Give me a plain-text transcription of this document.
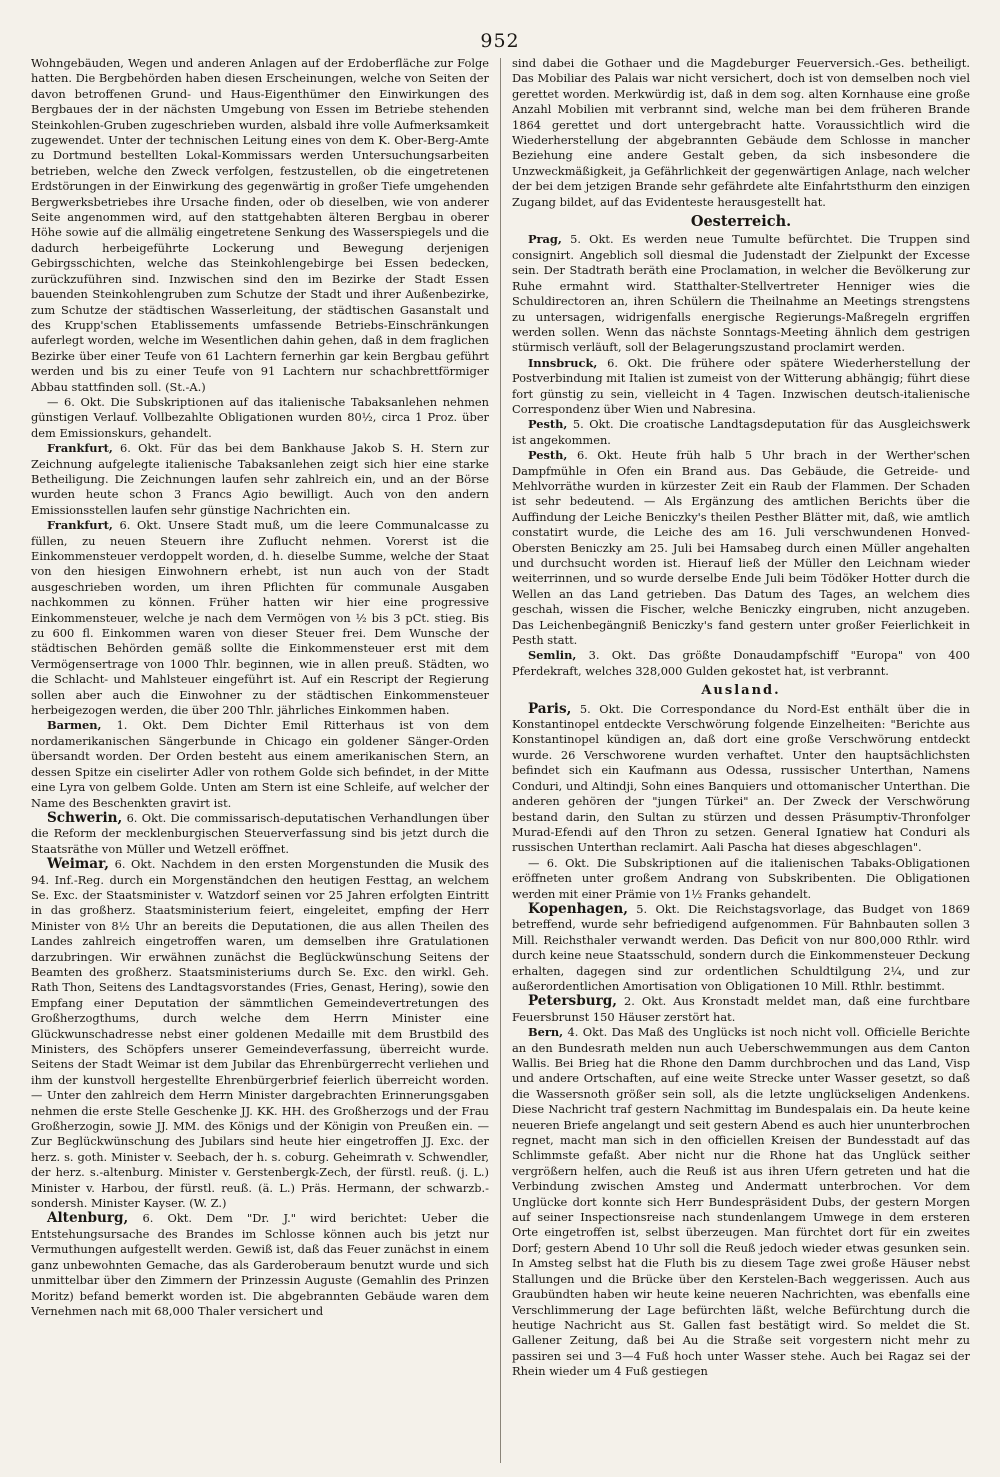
952

Wohngebäuden, Wegen und anderen Anlagen auf der Erdoberfläche zur Folge hatten. Die Bergbehörden haben diesen Erscheinungen, welche von Seiten der davon betroffenen Grund- und Haus-Eigenthümer den Einwirkungen des Bergbaues der in der nächsten Umgebung von Essen im Betriebe stehenden Steinkohlen-Gruben zugeschrieben wurden, alsbald ihre volle Aufmerksamkeit zugewendet. Unter der technischen Leitung eines von dem K. Ober-Berg-Amte zu Dortmund bestellten Lokal-Kommissars werden Untersuchungsarbeiten betrieben, welche den Zweck verfolgen, festzustellen, ob die eingetretenen Erdstörungen in der Einwirkung des gegenwärtig in großer Tiefe umgehenden Bergwerksbetriebes ihre Ursache finden, oder ob dieselben, wie von anderer Seite angenommen wird, auf den stattgehabten älteren Bergbau in oberer Höhe sowie auf die allmälig eingetretene Senkung des Wasserspiegels und die dadurch herbeigeführte Lockerung und Bewegung derjenigen Gebirgsschichten, welche das Steinkohlengebirge bei Essen bedecken, zurückzuführen sind. Inzwischen sind den im Bezirke der Stadt Essen bauenden Steinkohlengruben zum Schutze der Stadt und ihrer Außenbezirke, zum Schutze der städtischen Wasserleitung, der städtischen Gasanstalt und des Krupp'schen Etablissements umfassende Betriebs-Einschränkungen auferlegt worden, welche im Wesentlichen dahin gehen, daß in dem fraglichen Bezirke über einer Teufe von 61 Lachtern fernerhin gar kein Bergbau geführt werden und bis zu einer Teufe von 91 Lachtern nur schachbrettförmiger Abbau stattfinden soll. (St.-A.)

— 6. Okt. Die Subskriptionen auf das italienische Tabaksanlehen nehmen günstigen Verlauf. Vollbezahlte Obligationen wurden 80½, circa 1 Proz. über dem Emissionskurs, gehandelt.

Frankfurt, 6. Okt. Für das bei dem Bankhause Jakob S. H. Stern zur Zeichnung aufgelegte italienische Tabaksanlehen zeigt sich hier eine starke Betheiligung. Die Zeichnungen laufen sehr zahlreich ein, und an der Börse wurden heute schon 3 Francs Agio bewilligt. Auch von den andern Emissionsstellen laufen sehr günstige Nachrichten ein.

Frankfurt, 6. Okt. Unsere Stadt muß, um die leere Communalcasse zu füllen, zu neuen Steuern ihre Zuflucht nehmen. Vorerst ist die Einkommensteuer verdoppelt worden, d. h. dieselbe Summe, welche der Staat von den hiesigen Einwohnern erhebt, ist nun auch von der Stadt ausgeschrieben worden, um ihren Pflichten für communale Ausgaben nachkommen zu können. Früher hatten wir hier eine progressive Einkommensteuer, welche je nach dem Vermögen von ½ bis 3 pCt. stieg. Bis zu 600 fl. Einkommen waren von dieser Steuer frei. Dem Wunsche der städtischen Behörden gemäß sollte die Einkommensteuer erst mit dem Vermögensertrage von 1000 Thlr. beginnen, wie in allen preuß. Städten, wo die Schlacht- und Mahlsteuer eingeführt ist. Auf ein Rescript der Regierung sollen aber auch die Einwohner zu der städtischen Einkommensteuer herbeigezogen werden, die über 200 Thlr. jährliches Einkommen haben.

Barmen, 1. Okt. Dem Dichter Emil Ritterhaus ist von dem nordamerikanischen Sängerbunde in Chicago ein goldener Sänger-Orden übersandt worden. Der Orden besteht aus einem amerikanischen Stern, an dessen Spitze ein ciselirter Adler von rothem Golde sich befindet, in der Mitte eine Lyra von gelbem Golde. Unten am Stern ist eine Schleife, auf welcher der Name des Beschenkten gravirt ist.

Schwerin, 6. Okt. Die commissarisch-deputatischen Verhandlungen über die Reform der mecklenburgischen Steuerverfassung sind bis jetzt durch die Staatsräthe von Müller und Wetzell eröffnet.

Weimar, 6. Okt. Nachdem in den ersten Morgenstunden die Musik des 94. Inf.-Reg. durch ein Morgenständchen den heutigen Festtag, an welchem Se. Exc. der Staatsminister v. Watzdorf seinen vor 25 Jahren erfolgten Eintritt in das großherz. Staatsministerium feiert, eingeleitet, empfing der Herr Minister von 8½ Uhr an bereits die Deputationen, die aus allen Theilen des Landes zahlreich eingetroffen waren, um demselben ihre Gratulationen darzubringen. Wir erwähnen zunächst die Beglückwünschung Seitens der Beamten des großherz. Staatsministeriums durch Se. Exc. den wirkl. Geh. Rath Thon, Seitens des Landtagsvorstandes (Fries, Genast, Hering), sowie den Empfang einer Deputation der sämmtlichen Gemeindevertretungen des Großherzogthums, durch welche dem Herrn Minister eine Glückwunschadresse nebst einer goldenen Medaille mit dem Brustbild des Ministers, des Schöpfers unserer Gemeindeverfassung, überreicht wurde. Seitens der Stadt Weimar ist dem Jubilar das Ehrenbürgerrecht verliehen und ihm der kunstvoll hergestellte Ehrenbürgerbrief feierlich überreicht worden. — Unter den zahlreich dem Herrn Minister dargebrachten Erinnerungsgaben nehmen die erste Stelle Geschenke JJ. KK. HH. des Großherzogs und der Frau Großherzogin, sowie JJ. MM. des Königs und der Königin von Preußen ein. — Zur Beglückwünschung des Jubilars sind heute hier eingetroffen JJ. Exc. der herz. s. goth. Minister v. Seebach, der h. s. coburg. Geheimrath v. Schwendler, der herz. s.-altenburg. Minister v. Gerstenbergk-Zech, der fürstl. reuß. (j. L.) Minister v. Harbou, der fürstl. reuß. (ä. L.) Präs. Hermann, der schwarzb.-sondersh. Minister Kayser. (W. Z.)

Altenburg, 6. Okt. Dem "Dr. J." wird berichtet: Ueber die Entstehungsursache des Brandes im Schlosse können auch bis jetzt nur Vermuthungen aufgestellt werden. Gewiß ist, daß das Feuer zunächst in einem ganz unbewohnten Gemache, das als Garderoberaum benutzt wurde und sich unmittelbar über den Zimmern der Prinzessin Auguste (Gemahlin des Prinzen Moritz) befand bemerkt worden ist. Die abgebrannten Gebäude waren dem Vernehmen nach mit 68,000 Thaler versichert und

sind dabei die Gothaer und die Magdeburger Feuerversich.-Ges. betheiligt. Das Mobiliar des Palais war nicht versichert, doch ist von demselben noch viel gerettet worden. Merkwürdig ist, daß in dem sog. alten Kornhause eine große Anzahl Mobilien mit verbrannt sind, welche man bei dem früheren Brande 1864 gerettet und dort untergebracht hatte. Voraussichtlich wird die Wiederherstellung der abgebrannten Gebäude dem Schlosse in mancher Beziehung eine andere Gestalt geben, da sich insbesondere die Unzweckmäßigkeit, ja Gefährlichkeit der gegenwärtigen Anlage, nach welcher der bei dem jetzigen Brande sehr gefährdete alte Einfahrtsthurm den einzigen Zugang bildet, auf das Evidenteste herausgestellt hat.

Oesterreich.

Prag, 5. Okt. Es werden neue Tumulte befürchtet. Die Truppen sind consignirt. Angeblich soll diesmal die Judenstadt der Zielpunkt der Excesse sein. Der Stadtrath beräth eine Proclamation, in welcher die Bevölkerung zur Ruhe ermahnt wird. Statthalter-Stellvertreter Henniger wies die Schuldirectoren an, ihren Schülern die Theilnahme an Meetings strengstens zu untersagen, widrigenfalls energische Regierungs-Maßregeln ergriffen werden sollen. Wenn das nächste Sonntags-Meeting ähnlich dem gestrigen stürmisch verläuft, soll der Belagerungszustand proclamirt werden.

Innsbruck, 6. Okt. Die frühere oder spätere Wiederherstellung der Postverbindung mit Italien ist zumeist von der Witterung abhängig; führt diese fort günstig zu sein, vielleicht in 4 Tagen. Inzwischen deutsch-italienische Correspondenz über Wien und Nabresina.

Pesth, 5. Okt. Die croatische Landtagsdeputation für das Ausgleichswerk ist angekommen.

Pesth, 6. Okt. Heute früh halb 5 Uhr brach in der Werther'schen Dampfmühle in Ofen ein Brand aus. Das Gebäude, die Getreide- und Mehlvorräthe wurden in kürzester Zeit ein Raub der Flammen. Der Schaden ist sehr bedeutend. — Als Ergänzung des amtlichen Berichts über die Auffindung der Leiche Beniczky's theilen Pesther Blätter mit, daß, wie amtlich constatirt wurde, die Leiche des am 16. Juli verschwundenen Honved-Obersten Beniczky am 25. Juli bei Hamsabeg durch einen Müller angehalten und durchsucht worden ist. Hierauf ließ der Müller den Leichnam wieder weiterrinnen, und so wurde derselbe Ende Juli beim Tödöker Hotter durch die Wellen an das Land getrieben. Das Datum des Tages, an welchem dies geschah, wissen die Fischer, welche Beniczky eingruben, nicht anzugeben. Das Leichenbegängniß Beniczky's fand gestern unter großer Feierlichkeit in Pesth statt.

Semlin, 3. Okt. Das größte Donaudampfschiff "Europa" von 400 Pferdekraft, welches 328,000 Gulden gekostet hat, ist verbrannt.

Ausland.

Paris, 5. Okt. Die Correspondance du Nord-Est enthält über die in Konstantinopel entdeckte Verschwörung folgende Einzelheiten: "Berichte aus Konstantinopel kündigen an, daß dort eine große Verschwörung entdeckt wurde. 26 Verschworene wurden verhaftet. Unter den hauptsächlichsten befindet sich ein Kaufmann aus Odessa, russischer Unterthan, Namens Conduri, und Altindji, Sohn eines Banquiers und ottomanischer Unterthan. Die anderen gehören der "jungen Türkei" an. Der Zweck der Verschwörung bestand darin, den Sultan zu stürzen und dessen Präsumptiv-Thronfolger Murad-Efendi auf den Thron zu setzen. General Ignatiew hat Conduri als russischen Unterthan reclamirt. Aali Pascha hat dieses abgeschlagen".

— 6. Okt. Die Subskriptionen auf die italienischen Tabaks-Obligationen eröffneten unter großem Andrang von Subskribenten. Die Obligationen werden mit einer Prämie von 1½ Franks gehandelt.

Kopenhagen, 5. Okt. Die Reichstagsvorlage, das Budget von 1869 betreffend, wurde sehr befriedigend aufgenommen. Für Bahnbauten sollen 3 Mill. Reichsthaler verwandt werden. Das Deficit von nur 800,000 Rthlr. wird durch keine neue Staatsschuld, sondern durch die Einkommensteuer Deckung erhalten, dagegen sind zur ordentlichen Schuldtilgung 2¼, und zur außerordentlichen Amortisation von Obligationen 10 Mill. Rthlr. bestimmt.

Petersburg, 2. Okt. Aus Kronstadt meldet man, daß eine furchtbare Feuersbrunst 150 Häuser zerstört hat.

Bern, 4. Okt. Das Maß des Unglücks ist noch nicht voll. Officielle Berichte an den Bundesrath melden nun auch Ueberschwemmungen aus dem Canton Wallis. Bei Brieg hat die Rhone den Damm durchbrochen und das Land, Visp und andere Ortschaften, auf eine weite Strecke unter Wasser gesetzt, so daß die Wassersnoth größer sein soll, als die letzte unglückseligen Andenkens. Diese Nachricht traf gestern Nachmittag im Bundespalais ein. Da heute keine neueren Briefe angelangt und seit gestern Abend es auch hier ununterbrochen regnet, macht man sich in den officiellen Kreisen der Bundesstadt auf das Schlimmste gefaßt. Aber nicht nur die Rhone hat das Unglück seither vergrößern helfen, auch die Reuß ist aus ihren Ufern getreten und hat die Verbindung zwischen Amsteg und Andermatt unterbrochen. Vor dem Unglücke dort konnte sich Herr Bundespräsident Dubs, der gestern Morgen auf seiner Inspectionsreise nach stundenlangem Umwege in dem ersteren Orte eingetroffen ist, selbst überzeugen. Man fürchtet dort für ein zweites Dorf; gestern Abend 10 Uhr soll die Reuß jedoch wieder etwas gesunken sein. In Amsteg selbst hat die Fluth bis zu diesem Tage zwei große Häuser nebst Stallungen und die Brücke über den Kerstelen-Bach weggerissen. Auch aus Graubündten haben wir heute keine neueren Nachrichten, was ebenfalls eine Verschlimmerung der Lage befürchten läßt, welche Befürchtung durch die heutige Nachricht aus St. Gallen fast bestätigt wird. So meldet die St. Gallener Zeitung, daß bei Au die Straße seit vorgestern nicht mehr zu passiren sei und 3—4 Fuß hoch unter Wasser stehe. Auch bei Ragaz sei der Rhein wieder um 4 Fuß gestiegen
